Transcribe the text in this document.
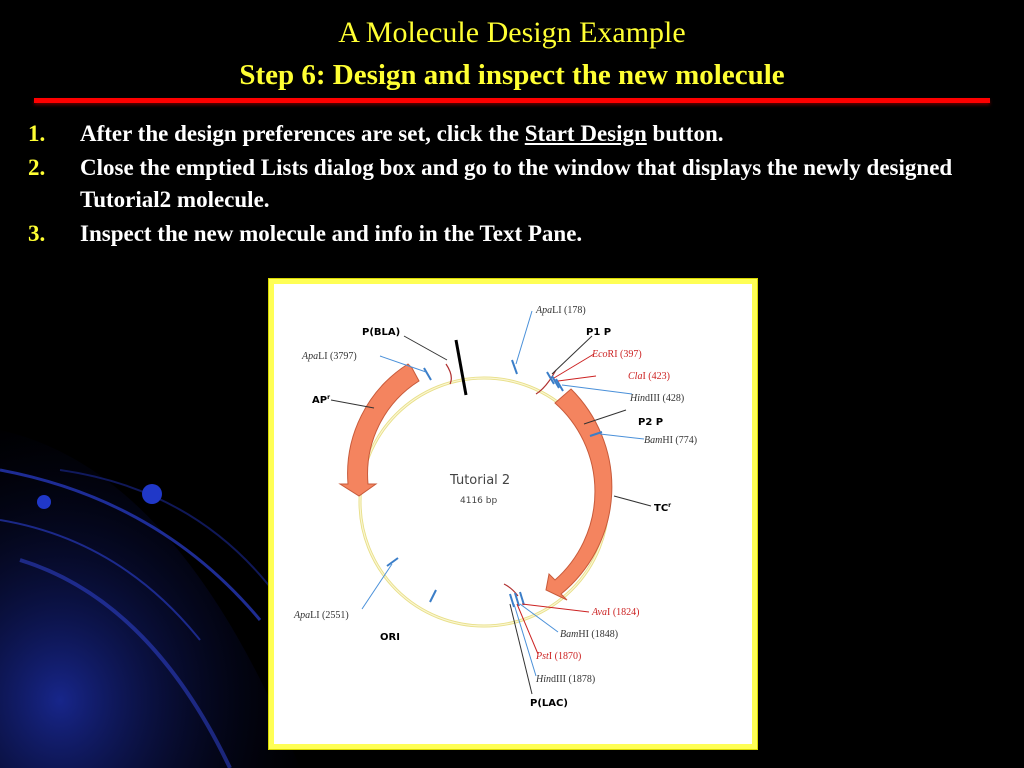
A Molecule Design Example
Step 6: Design and inspect the new molecule
1. After the design preferences are set, click the Start Design button.
2. Close the emptied Lists dialog box and go to the window that displays the newly designed Tutorial2 molecule.
3. Inspect the new molecule and info in the Text Pane.
Tutorial 2
4116 bp
P(BLA)
$AP^r$
P1 P
P2 P
$TC^r$
ORI
P(LAC)
ApaLI (178)
ApaLI (3797)	EcoRI (397)
ClaI (423)
HindIII (428)
BamHI (774)
ApaLI (2551)	AvaI (1824)
BamHI (1848)
PstI (1870)
HindIII (1878)
